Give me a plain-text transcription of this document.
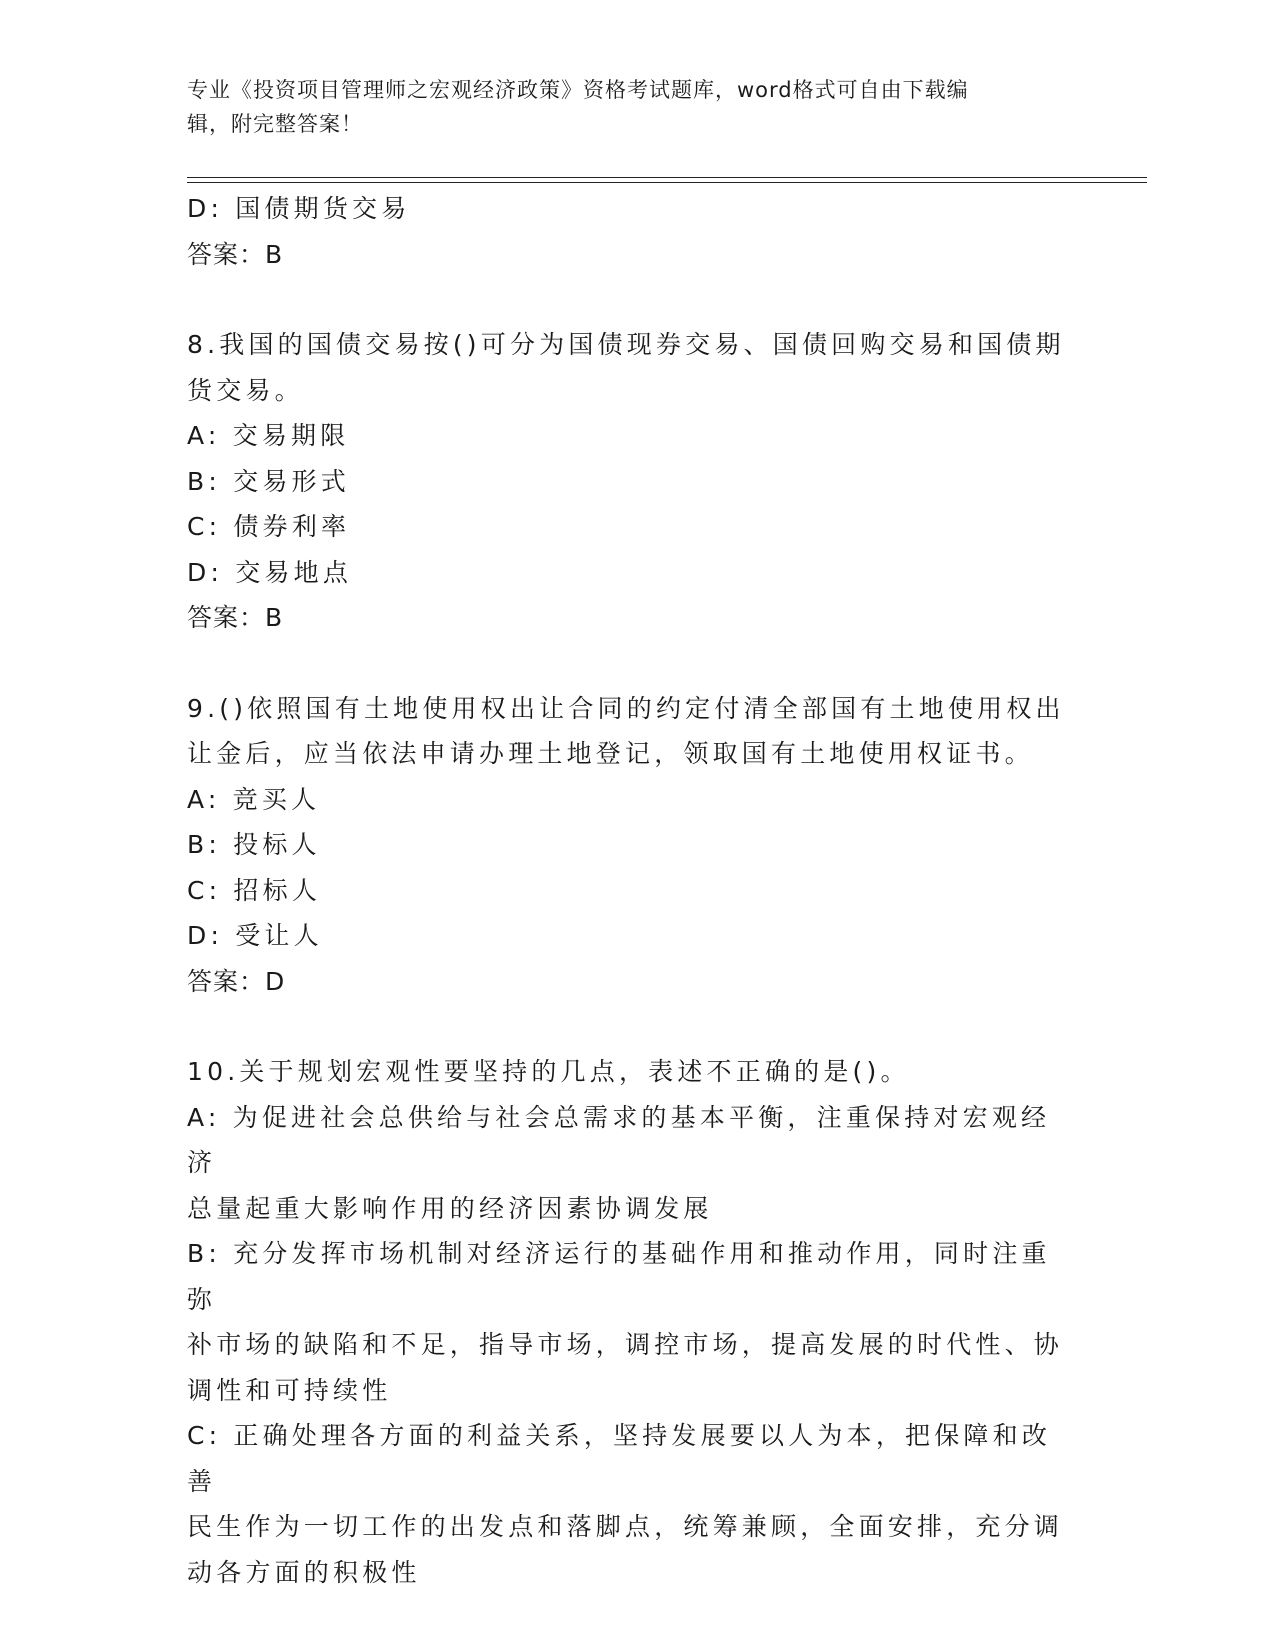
专业《投资项目管理师之宏观经济政策》资格考试题库，word格式可自由下载编
辑，附完整答案！
D: 国债期货交易
答案：B
8.我国的国债交易按()可分为国债现券交易、国债回购交易和国债期
货交易。
A: 交易期限
B: 交易形式
C: 债券利率
D: 交易地点
答案：B
9.()依照国有土地使用权出让合同的约定付清全部国有土地使用权出
让金后，应当依法申请办理土地登记，领取国有土地使用权证书。
A: 竞买人
B: 投标人
C: 招标人
D: 受让人
答案：D
10.关于规划宏观性要坚持的几点，表述不正确的是()。
A: 为促进社会总供给与社会总需求的基本平衡，注重保持对宏观经济
总量起重大影响作用的经济因素协调发展
B: 充分发挥市场机制对经济运行的基础作用和推动作用，同时注重弥
补市场的缺陷和不足，指导市场，调控市场，提高发展的时代性、协
调性和可持续性
C: 正确处理各方面的利益关系，坚持发展要以人为本，把保障和改善
民生作为一切工作的出发点和落脚点，统筹兼顾，全面安排，充分调
动各方面的积极性
